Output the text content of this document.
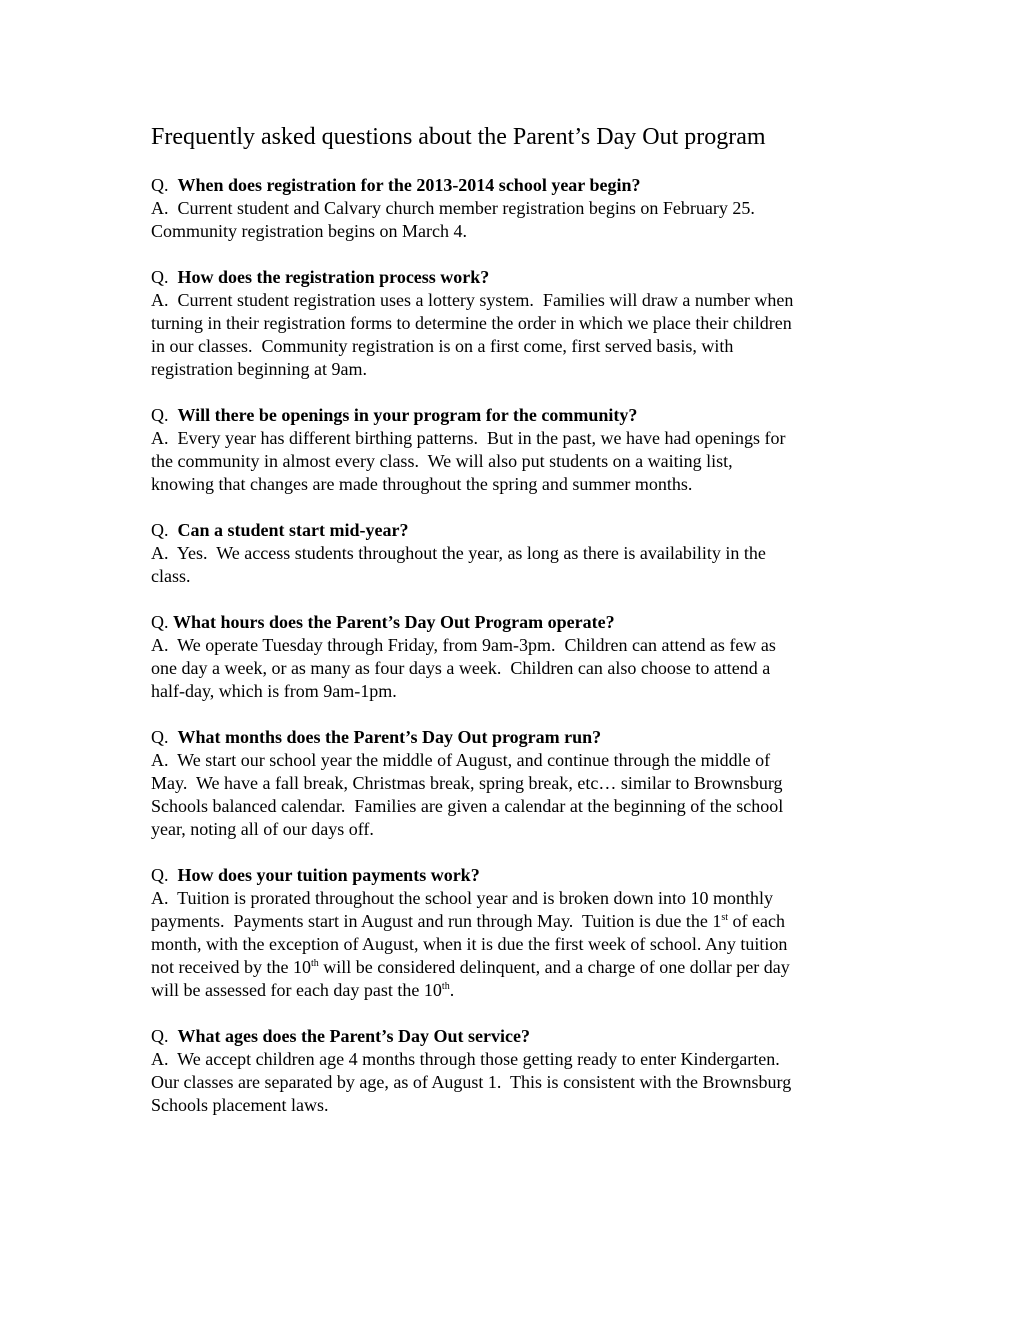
Frequently asked questions about the Parent’s Day Out program
Q.  When does registration for the 2013-2014 school year begin?
A.  Current student and Calvary church member registration begins on February 25.
Community registration begins on March 4.
Q.  How does the registration process work?
A.  Current student registration uses a lottery system.  Families will draw a number when
turning in their registration forms to determine the order in which we place their children
in our classes.  Community registration is on a first come, first served basis, with
registration beginning at 9am.
Q.  Will there be openings in your program for the community?
A.  Every year has different birthing patterns.  But in the past, we have had openings for
the community in almost every class.  We will also put students on a waiting list,
knowing that changes are made throughout the spring and summer months.
Q.  Can a student start mid-year?
A.  Yes.  We access students throughout the year, as long as there is availability in the
class.
Q. What hours does the Parent’s Day Out Program operate?
A.  We operate Tuesday through Friday, from 9am-3pm.  Children can attend as few as
one day a week, or as many as four days a week.  Children can also choose to attend a
half-day, which is from 9am-1pm.
Q.  What months does the Parent’s Day Out program run?
A.  We start our school year the middle of August, and continue through the middle of
May.  We have a fall break, Christmas break, spring break, etc… similar to Brownsburg
Schools balanced calendar.  Families are given a calendar at the beginning of the school
year, noting all of our days off.
Q.  How does your tuition payments work?
A.  Tuition is prorated throughout the school year and is broken down into 10 monthly
payments.  Payments start in August and run through May.  Tuition is due the 1st of each
month, with the exception of August, when it is due the first week of school. Any tuition
not received by the 10th will be considered delinquent, and a charge of one dollar per day
will be assessed for each day past the 10th.
Q.  What ages does the Parent’s Day Out service?
A.  We accept children age 4 months through those getting ready to enter Kindergarten.
Our classes are separated by age, as of August 1.  This is consistent with the Brownsburg
Schools placement laws.
